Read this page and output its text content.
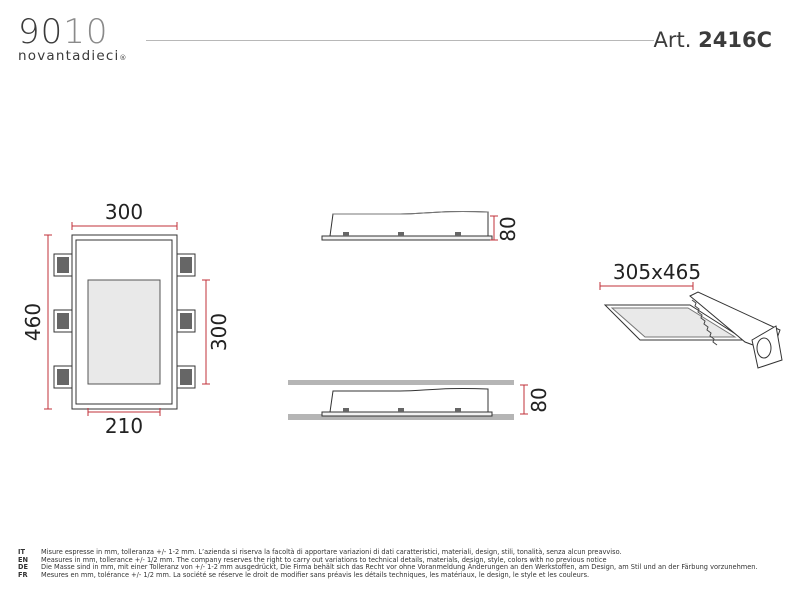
9010
novantadieci®
Art. 2416C
300
460	300
210
80
80
305x465
IT Misure espresse in mm, tolleranza +/- 1-2 mm. L’azienda si riserva la facoltà di apportare variazioni di dati caratteristici, materiali, design, stili, tonalità, senza alcun preavviso.
EN Measures in mm, tollerance +/- 1/2 mm. The company reserves the right to carry out variations to technical details, materials, design, style, colors with no previous notice
DE Die Masse sind in mm, mit einer Tolleranz von +/- 1-2 mm ausgedrückt, Die Firma behält sich das Recht vor ohne Voranmeldung Änderungen an den Werkstoffen, am Design, am Stil und an der Färbung vorzunehmen.
FR Mesures en mm, tolérance +/- 1/2 mm. La société se réserve le droit de modifier sans préavis les détails techniques, les matériaux, le design, le style et les couleurs.
